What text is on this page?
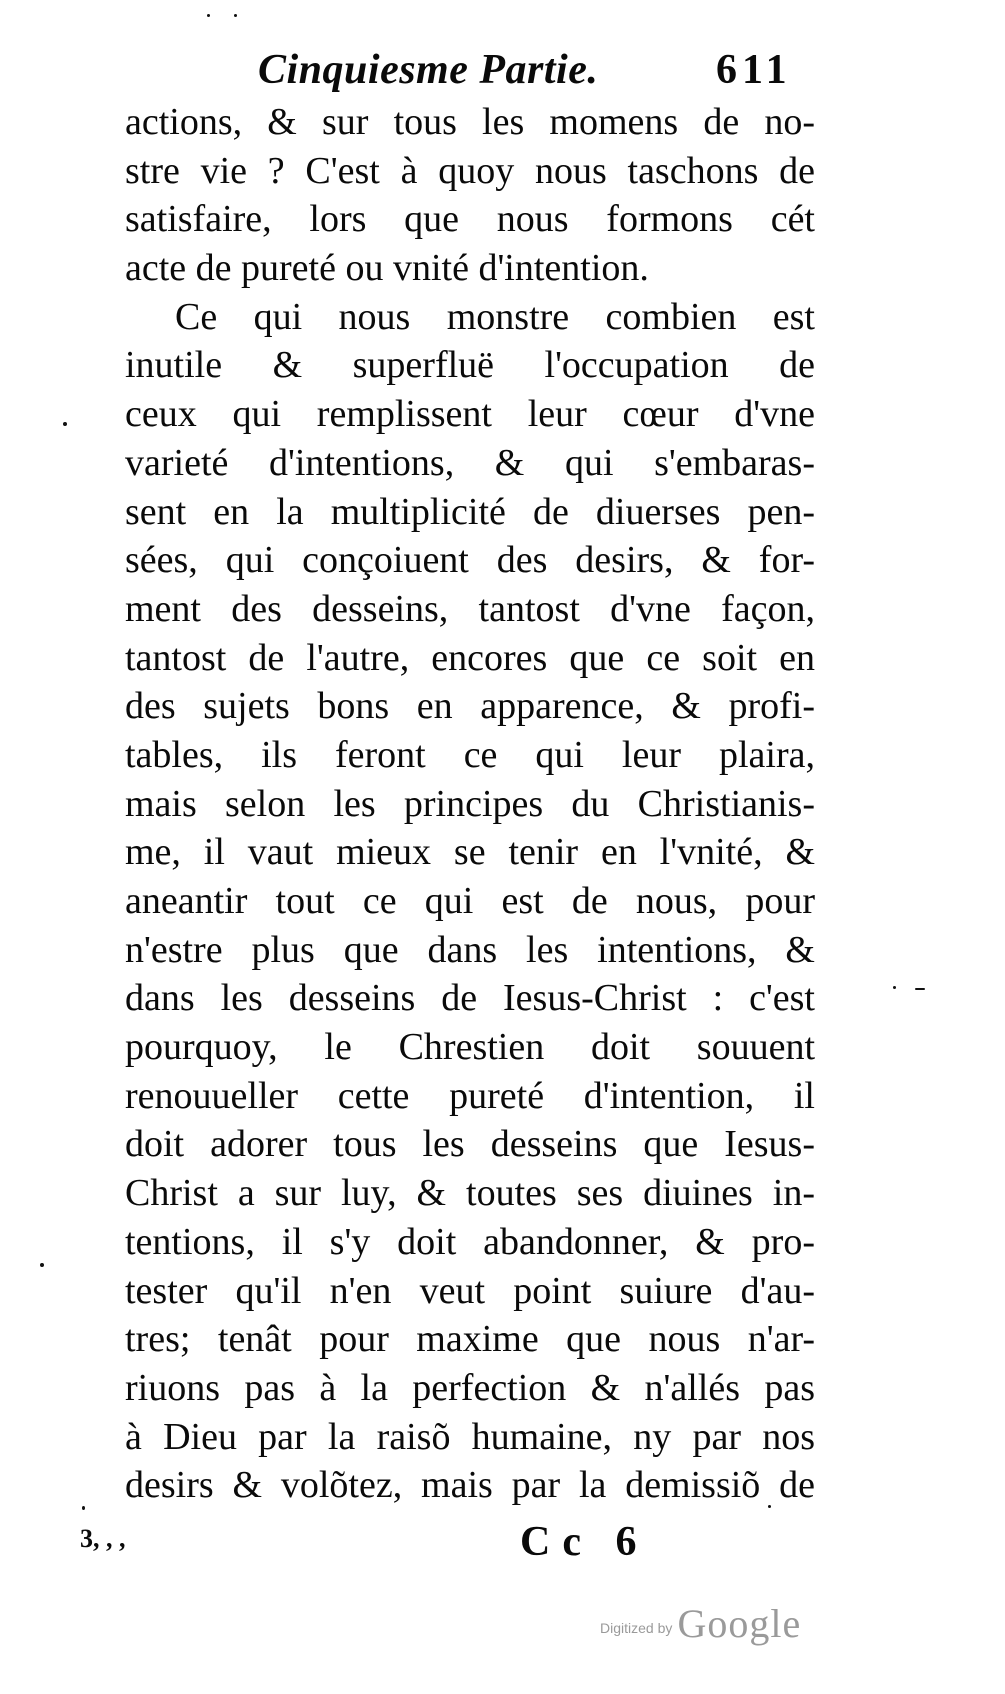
Cinquiesme Partie.	611
actions, & sur tous les momens de no-
stre vie ? C'est à quoy nous taschons de
satisfaire, lors que nous formons cét
acte de pureté ou vnité d'intention.
Ce qui nous monstre combien est
inutile & superfluë l'occupation de
ceux qui remplissent leur cœur d'vne
varieté d'intentions, & qui s'embaras-
sent en la multiplicité de diuerses pen-
sées, qui conçoiuent des desirs, & for-
ment des desseins, tantost d'vne façon,
tantost de l'autre, encores que ce soit en
des sujets bons en apparence, & profi-
tables, ils feront ce qui leur plaira,
mais selon les principes du Christianis-
me, il vaut mieux se tenir en l'vnité, &
aneantir tout ce qui est de nous, pour
n'estre plus que dans les intentions, &
dans les desseins de Iesus-Christ : c'est
pourquoy, le Chrestien doit souuent
renouueller cette pureté d'intention, il
doit adorer tous les desseins que Iesus-
Christ a sur luy, & toutes ses diuines in-
tentions, il s'y doit abandonner, & pro-
tester qu'il n'en veut point suiure d'au-
tres; tenât pour maxime que nous n'ar-
riuons pas à la perfection & n'allés pas
à Dieu par la raisõ humaine, ny par nos
desirs & volõtez, mais par la demissiõ de
3, , ,	Cc 6
Digitized by Google
